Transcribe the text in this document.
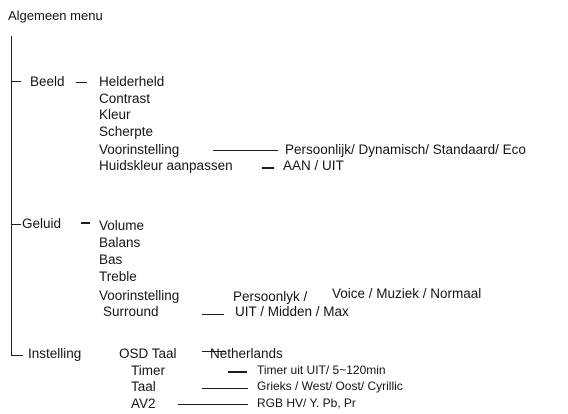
Algemeen menu
Beeld	Helderheld
Contrast
Kleur
Scherpte
Voorinstelling	Persoonlijk/ Dynamisch/ Standaard/ Eco
Huidskleur aanpassen	AAN / UIT
Geluid	Volume
Balans
Bas
Treble
Voorinstelling	Persoonlyk / Voice / Muziek / Normaal
Surround	UIT / Midden / Max
Instelling	OSD Taal Netherlands
Timer	Timer uit UIT/ 5~120min
Taal	Grieks / West/ Oost/ Cyrillic
AV2	RGB HV/ Y. Pb, Pr
